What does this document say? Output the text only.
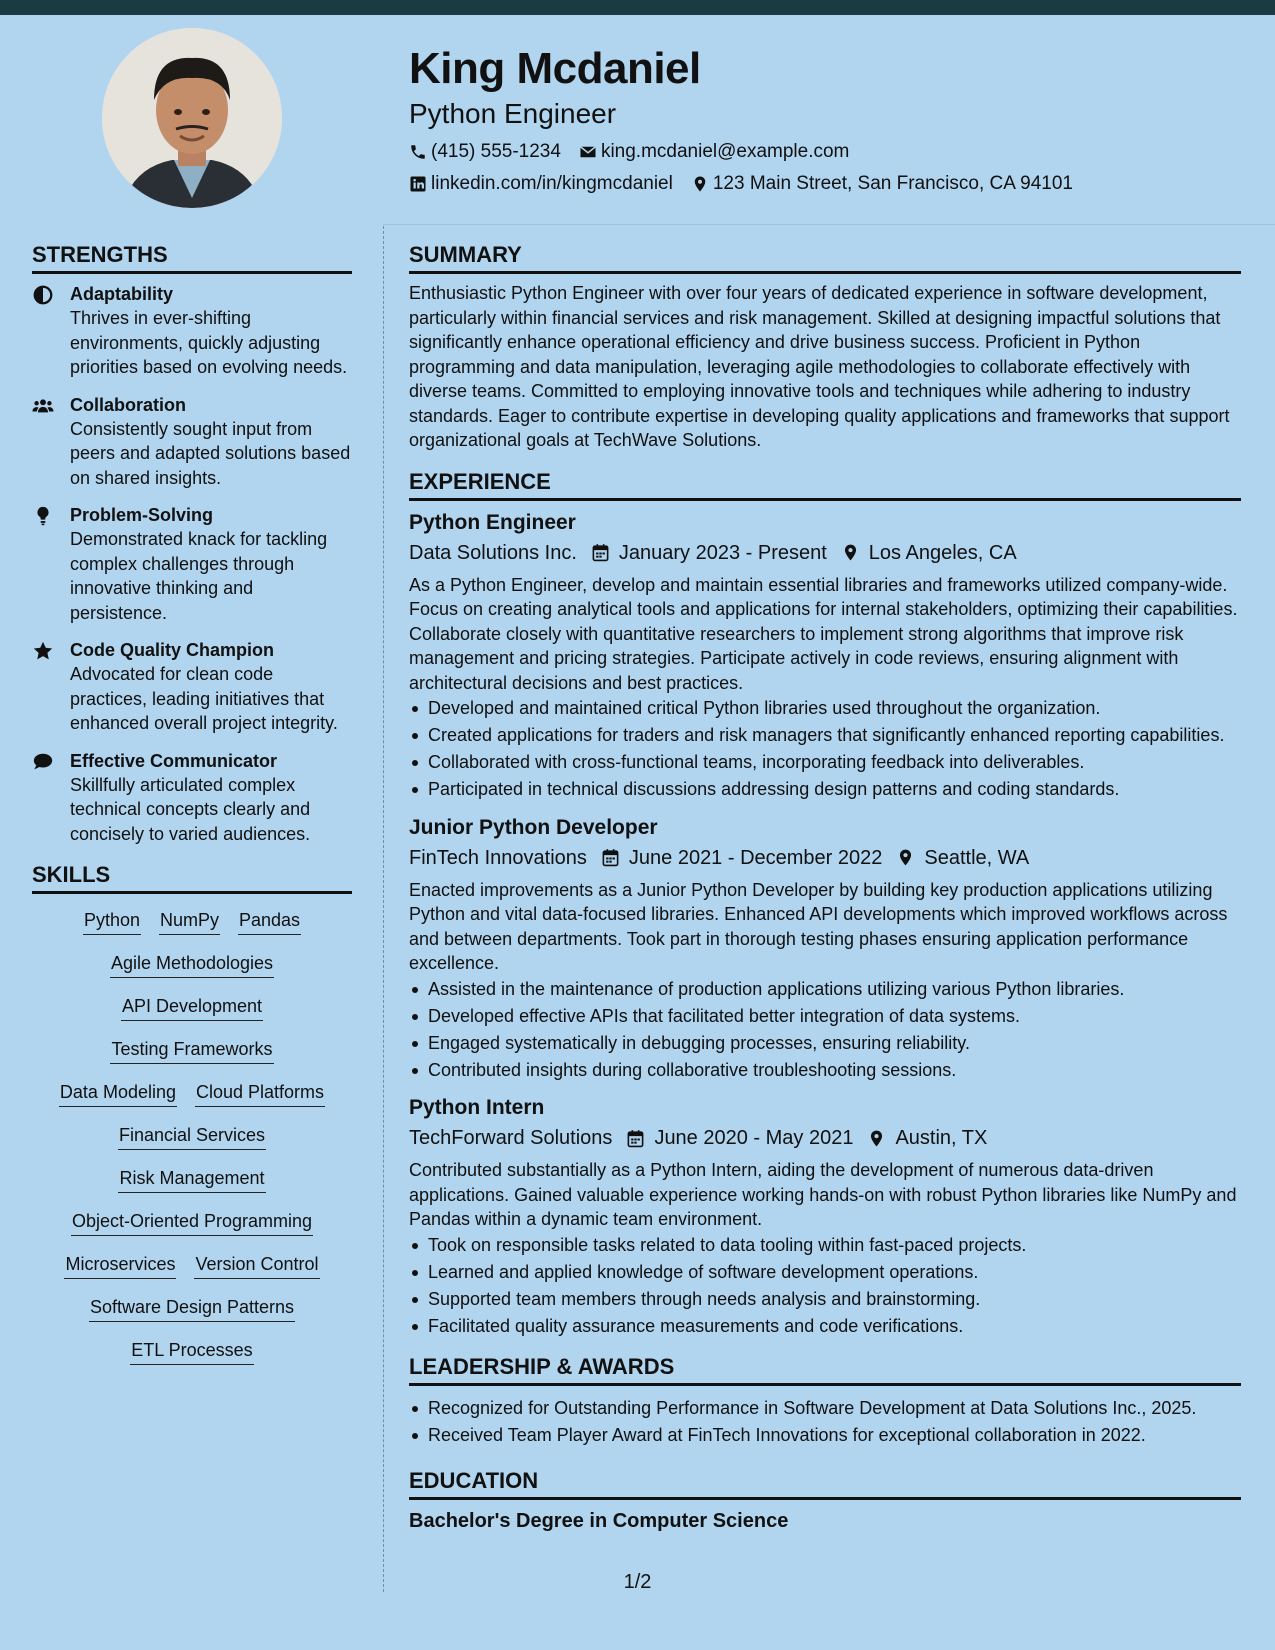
King Mcdaniel
Python Engineer
(415) 555-1234 king.mcdaniel@example.com
linkedin.com/in/kingmcdaniel 123 Main Street, San Francisco, CA 94101
STRENGTHS
Adaptability
Thrives in ever-shifting environments, quickly adjusting priorities based on evolving needs.
Collaboration
Consistently sought input from peers and adapted solutions based on shared insights.
Problem-Solving
Demonstrated knack for tackling complex challenges through innovative thinking and persistence.
Code Quality Champion
Advocated for clean code practices, leading initiatives that enhanced overall project integrity.
Effective Communicator
Skillfully articulated complex technical concepts clearly and concisely to varied audiences.
SKILLS
Python NumPy Pandas
Agile Methodologies
API Development
Testing Frameworks
Data Modeling Cloud Platforms
Financial Services
Risk Management
Object-Oriented Programming
Microservices Version Control
Software Design Patterns
ETL Processes
SUMMARY
Enthusiastic Python Engineer with over four years of dedicated experience in software development, particularly within financial services and risk management. Skilled at designing impactful solutions that significantly enhance operational efficiency and drive business success. Proficient in Python programming and data manipulation, leveraging agile methodologies to collaborate effectively with diverse teams. Committed to employing innovative tools and techniques while adhering to industry standards. Eager to contribute expertise in developing quality applications and frameworks that support organizational goals at TechWave Solutions.
EXPERIENCE
Python Engineer
Data Solutions Inc. January 2023 - Present Los Angeles, CA
As a Python Engineer, develop and maintain essential libraries and frameworks utilized company-wide. Focus on creating analytical tools and applications for internal stakeholders, optimizing their capabilities. Collaborate closely with quantitative researchers to implement strong algorithms that improve risk management and pricing strategies. Participate actively in code reviews, ensuring alignment with architectural decisions and best practices.
Developed and maintained critical Python libraries used throughout the organization.
Created applications for traders and risk managers that significantly enhanced reporting capabilities.
Collaborated with cross-functional teams, incorporating feedback into deliverables.
Participated in technical discussions addressing design patterns and coding standards.
Junior Python Developer
FinTech Innovations June 2021 - December 2022 Seattle, WA
Enacted improvements as a Junior Python Developer by building key production applications utilizing Python and vital data-focused libraries. Enhanced API developments which improved workflows across and between departments. Took part in thorough testing phases ensuring application performance excellence.
Assisted in the maintenance of production applications utilizing various Python libraries.
Developed effective APIs that facilitated better integration of data systems.
Engaged systematically in debugging processes, ensuring reliability.
Contributed insights during collaborative troubleshooting sessions.
Python Intern
TechForward Solutions June 2020 - May 2021 Austin, TX
Contributed substantially as a Python Intern, aiding the development of numerous data-driven applications. Gained valuable experience working hands-on with robust Python libraries like NumPy and Pandas within a dynamic team environment.
Took on responsible tasks related to data tooling within fast-paced projects.
Learned and applied knowledge of software development operations.
Supported team members through needs analysis and brainstorming.
Facilitated quality assurance measurements and code verifications.
LEADERSHIP & AWARDS
Recognized for Outstanding Performance in Software Development at Data Solutions Inc., 2025.
Received Team Player Award at FinTech Innovations for exceptional collaboration in 2022.
EDUCATION
Bachelor's Degree in Computer Science
1/2
